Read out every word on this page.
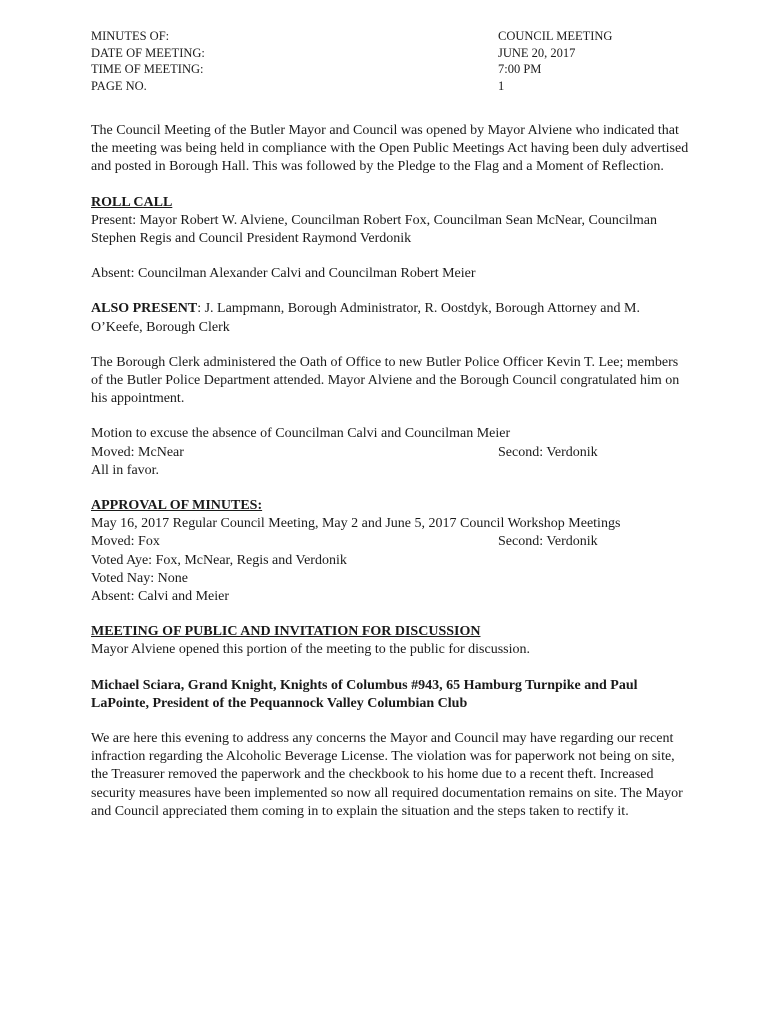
MINUTES OF:	COUNCIL MEETING
DATE OF MEETING:	JUNE 20, 2017
TIME OF MEETING:	7:00 PM
PAGE NO.	1

The Council Meeting of the Butler Mayor and Council was opened by Mayor Alviene who indicated that the meeting was being held in compliance with the Open Public Meetings Act having been duly advertised and posted in Borough Hall. This was followed by the Pledge to the Flag and a Moment of Reflection.

ROLL CALL

Present: Mayor Robert W. Alviene, Councilman Robert Fox, Councilman Sean McNear, Councilman Stephen Regis and Council President Raymond Verdonik

Absent: Councilman Alexander Calvi and Councilman Robert Meier

ALSO PRESENT: J. Lampmann, Borough Administrator, R. Oostdyk, Borough Attorney and M. O’Keefe, Borough Clerk

The Borough Clerk administered the Oath of Office to new Butler Police Officer Kevin T. Lee; members of the Butler Police Department attended. Mayor Alviene and the Borough Council congratulated him on his appointment.

Motion to excuse the absence of Councilman Calvi and Councilman Meier

Moved: McNear	Second: Verdonik

All in favor.

APPROVAL OF MINUTES:

May 16, 2017 Regular Council Meeting, May 2 and June 5, 2017 Council Workshop Meetings

Moved: Fox	Second: Verdonik

Voted Aye: Fox, McNear, Regis and Verdonik

Voted Nay: None

Absent: Calvi and Meier

MEETING OF PUBLIC AND INVITATION FOR DISCUSSION

Mayor Alviene opened this portion of the meeting to the public for discussion.

Michael Sciara, Grand Knight, Knights of Columbus #943, 65 Hamburg Turnpike and Paul LaPointe, President of the Pequannock Valley Columbian Club

We are here this evening to address any concerns the Mayor and Council may have regarding our recent infraction regarding the Alcoholic Beverage License. The violation was for paperwork not being on site, the Treasurer removed the paperwork and the checkbook to his home due to a recent theft. Increased security measures have been implemented so now all required documentation remains on site. The Mayor and Council appreciated them coming in to explain the situation and the steps taken to rectify it.
